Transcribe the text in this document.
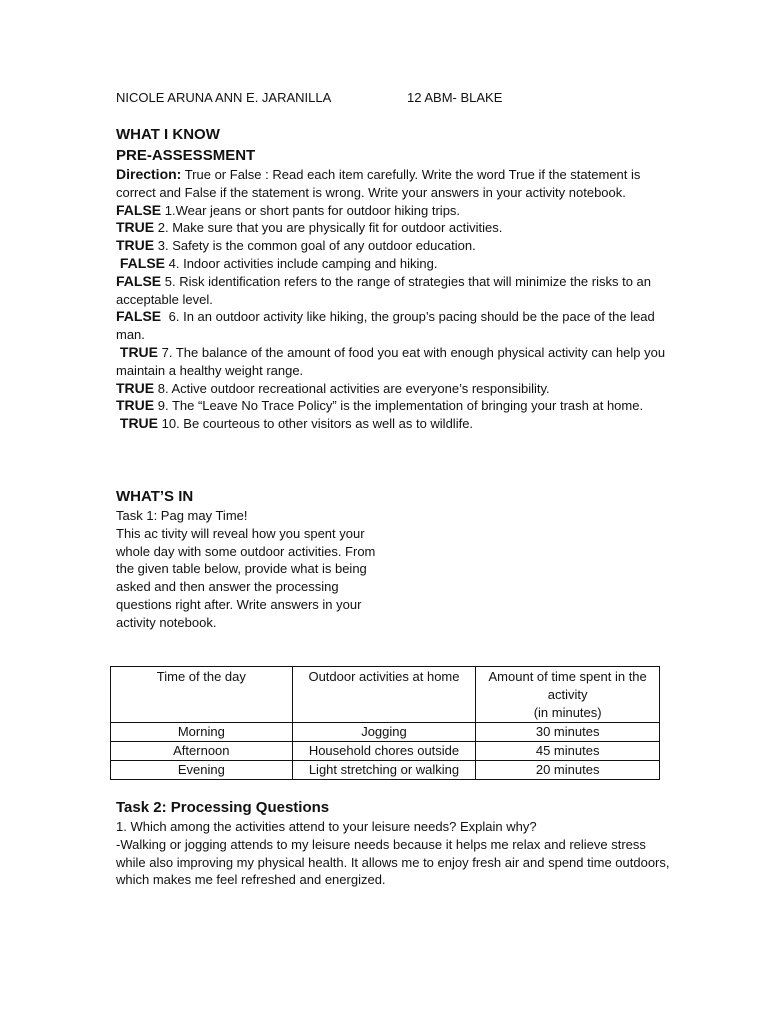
NICOLE ARUNA ANN E. JARANILLA	12 ABM- BLAKE
WHAT I KNOW
PRE-ASSESSMENT
Direction: True or False : Read each item carefully. Write the word True if the statement is correct and False if the statement is wrong. Write your answers in your activity notebook.
FALSE 1.Wear jeans or short pants for outdoor hiking trips.
TRUE 2. Make sure that you are physically fit for outdoor activities.
TRUE 3. Safety is the common goal of any outdoor education.
FALSE 4. Indoor activities include camping and hiking.
FALSE 5. Risk identification refers to the range of strategies that will minimize the risks to an acceptable level.
FALSE  6. In an outdoor activity like hiking, the group’s pacing should be the pace of the lead man.
TRUE 7. The balance of the amount of food you eat with enough physical activity can help you maintain a healthy weight range.
TRUE 8. Active outdoor recreational activities are everyone’s responsibility.
TRUE 9. The “Leave No Trace Policy” is the implementation of bringing your trash at home.
TRUE 10. Be courteous to other visitors as well as to wildlife.
WHAT’S IN
Task 1: Pag may Time!
This ac tivity will reveal how you spent your whole day with some outdoor activities. From the given table below, provide what is being asked and then answer the processing questions right after. Write answers in your activity notebook.
Time of the day	Outdoor activities at home	Amount of time spent in the activity
(in minutes)
Morning	Jogging	30 minutes
Afternoon	Household chores outside	45 minutes
Evening	Light stretching or walking	20 minutes
Task 2: Processing Questions
1. Which among the activities attend to your leisure needs? Explain why?
-Walking or jogging attends to my leisure needs because it helps me relax and relieve stress while also improving my physical health. It allows me to enjoy fresh air and spend time outdoors, which makes me feel refreshed and energized.
